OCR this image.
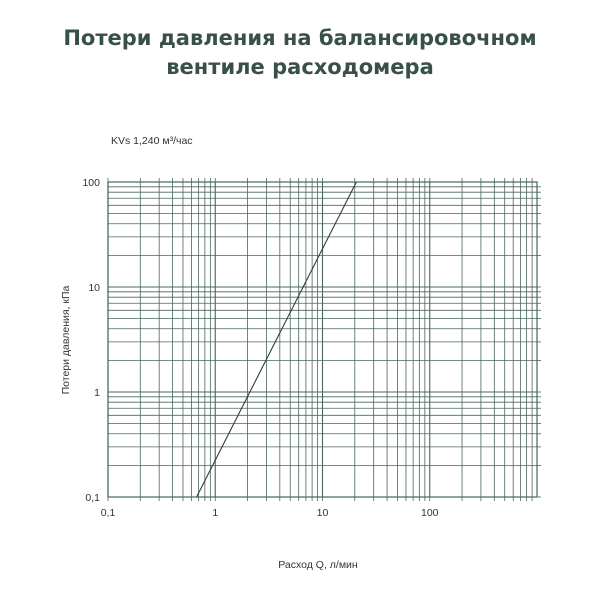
Потери давления на балансировочном
вентиле расходомера
KVs 1,240 м³/час
Потери давления, кПа
Расход Q, л/мин
0,1	1	10	100
0,1
1
10
100
